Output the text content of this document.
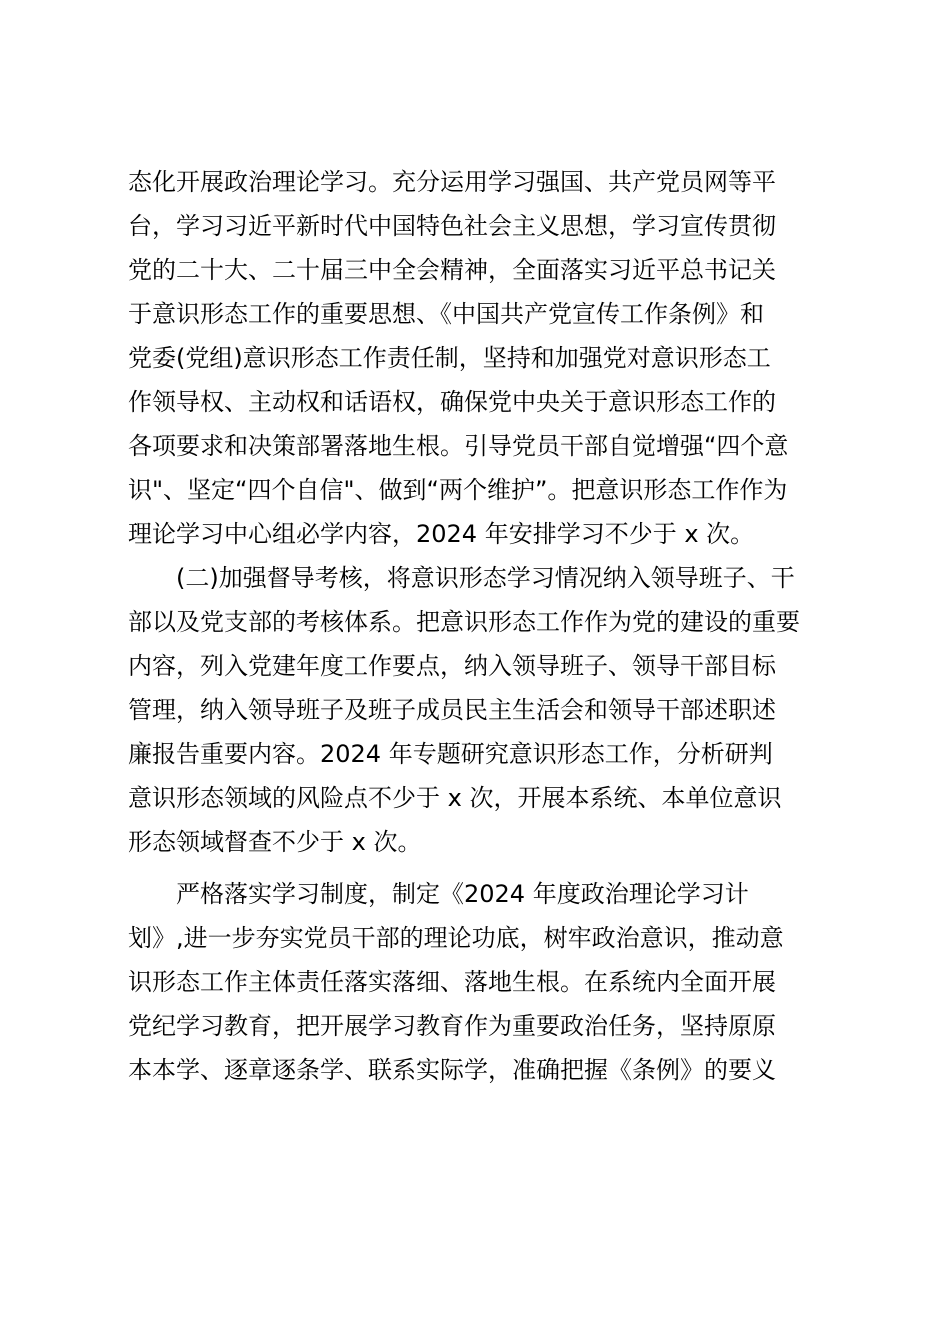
态化开展政治理论学习。充分运用学习强国、共产党员网等平
台，学习习近平新时代中国特色社会主义思想，学习宣传贯彻
党的二十大、二十届三中全会精神，全面落实习近平总书记关
于意识形态工作的重要思想、《中国共产党宣传工作条例》和
党委(党组)意识形态工作责任制，坚持和加强党对意识形态工
作领导权、主动权和话语权，确保党中央关于意识形态工作的
各项要求和决策部署落地生根。引导党员干部自觉增强“四个意
识"、坚定“四个自信"、做到“两个维护”。把意识形态工作作为
理论学习中心组必学内容，2024 年安排学习不少于 x 次。
(二)加强督导考核，将意识形态学习情况纳入领导班子、干
部以及党支部的考核体系。把意识形态工作作为党的建设的重要
内容，列入党建年度工作要点，纳入领导班子、领导干部目标
管理，纳入领导班子及班子成员民主生活会和领导干部述职述
廉报告重要内容。2024 年专题研究意识形态工作，分析研判
意识形态领域的风险点不少于 x 次，开展本系统、本单位意识
形态领域督查不少于 x 次。
严格落实学习制度，制定《2024 年度政治理论学习计
划》,进一步夯实党员干部的理论功底，树牢政治意识，推动意
识形态工作主体责任落实落细、落地生根。在系统内全面开展
党纪学习教育，把开展学习教育作为重要政治任务，坚持原原
本本学、逐章逐条学、联系实际学，准确把握《条例》的要义
